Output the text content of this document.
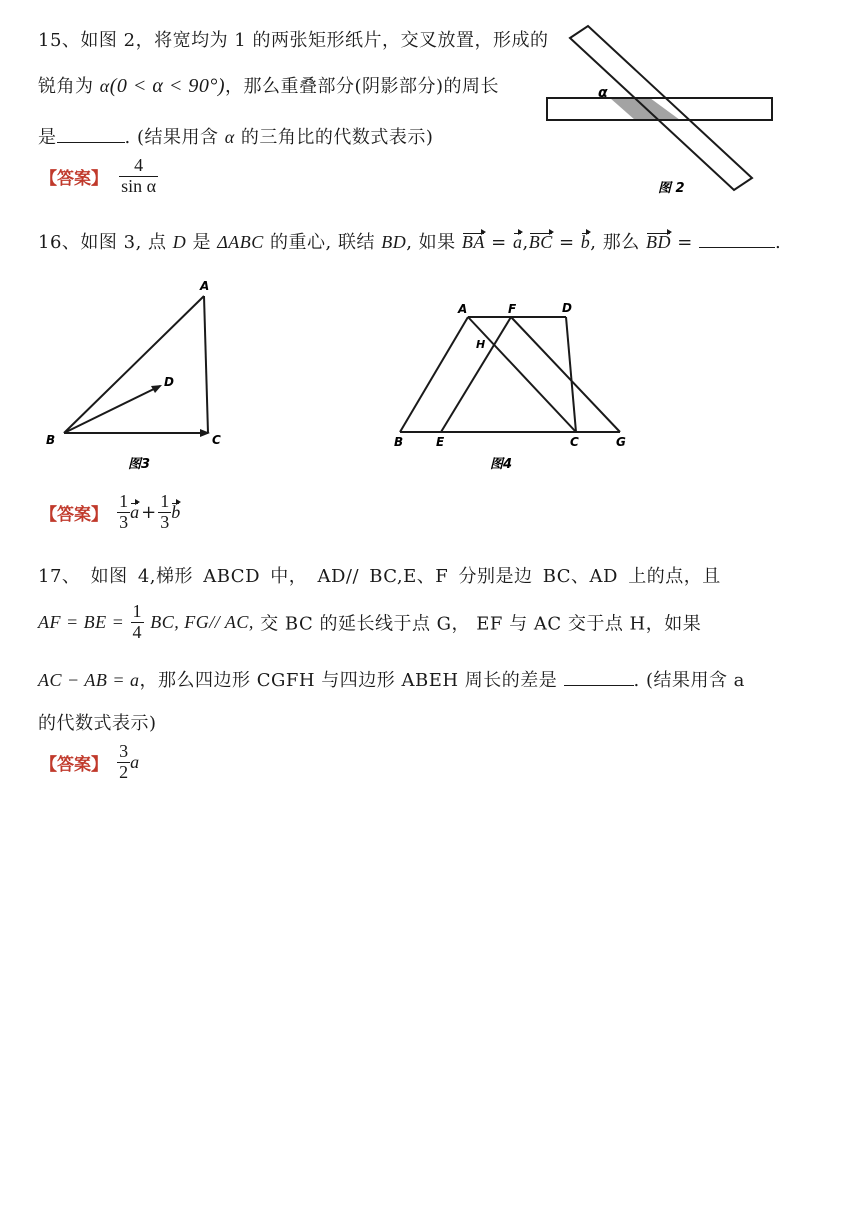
15、如图 2，将宽均为 1 的两张矩形纸片，交叉放置，形成的
锐角为 α(0 < α < 90°)，那么重叠部分(阴影部分)的周长
是	. (结果用含 α 的三角比的代数式表示)
【答案】 $\frac{4}{\text{sin α}}$
α
图 2
16、如图 3, 点 D 是 ΔABC 的重心, 联结 BD, 如果 BA = a,BC = b, 那么 BD =	.
A
B	C
D
图3
A	F	D
H
B	E	C	G
图4
【答案】 $\frac{1}{3}$ $a + \frac{1}{3}$ b
17、 如图 4,梯形 ABCD 中， AD// BC,E、F 分别是边 BC、AD 上的点，且
AF = BE = $\frac{1}{4}$ BC, FG// AC, 交 BC 的延长线于点 G， EF 与 AC 交于点 H，如果
AC − AB = a，那么四边形 CGFH 与四边形 ABEH 周长的差是	. (结果用含 a
的代数式表示)
【答案】 $\frac{3}{2}$ a
